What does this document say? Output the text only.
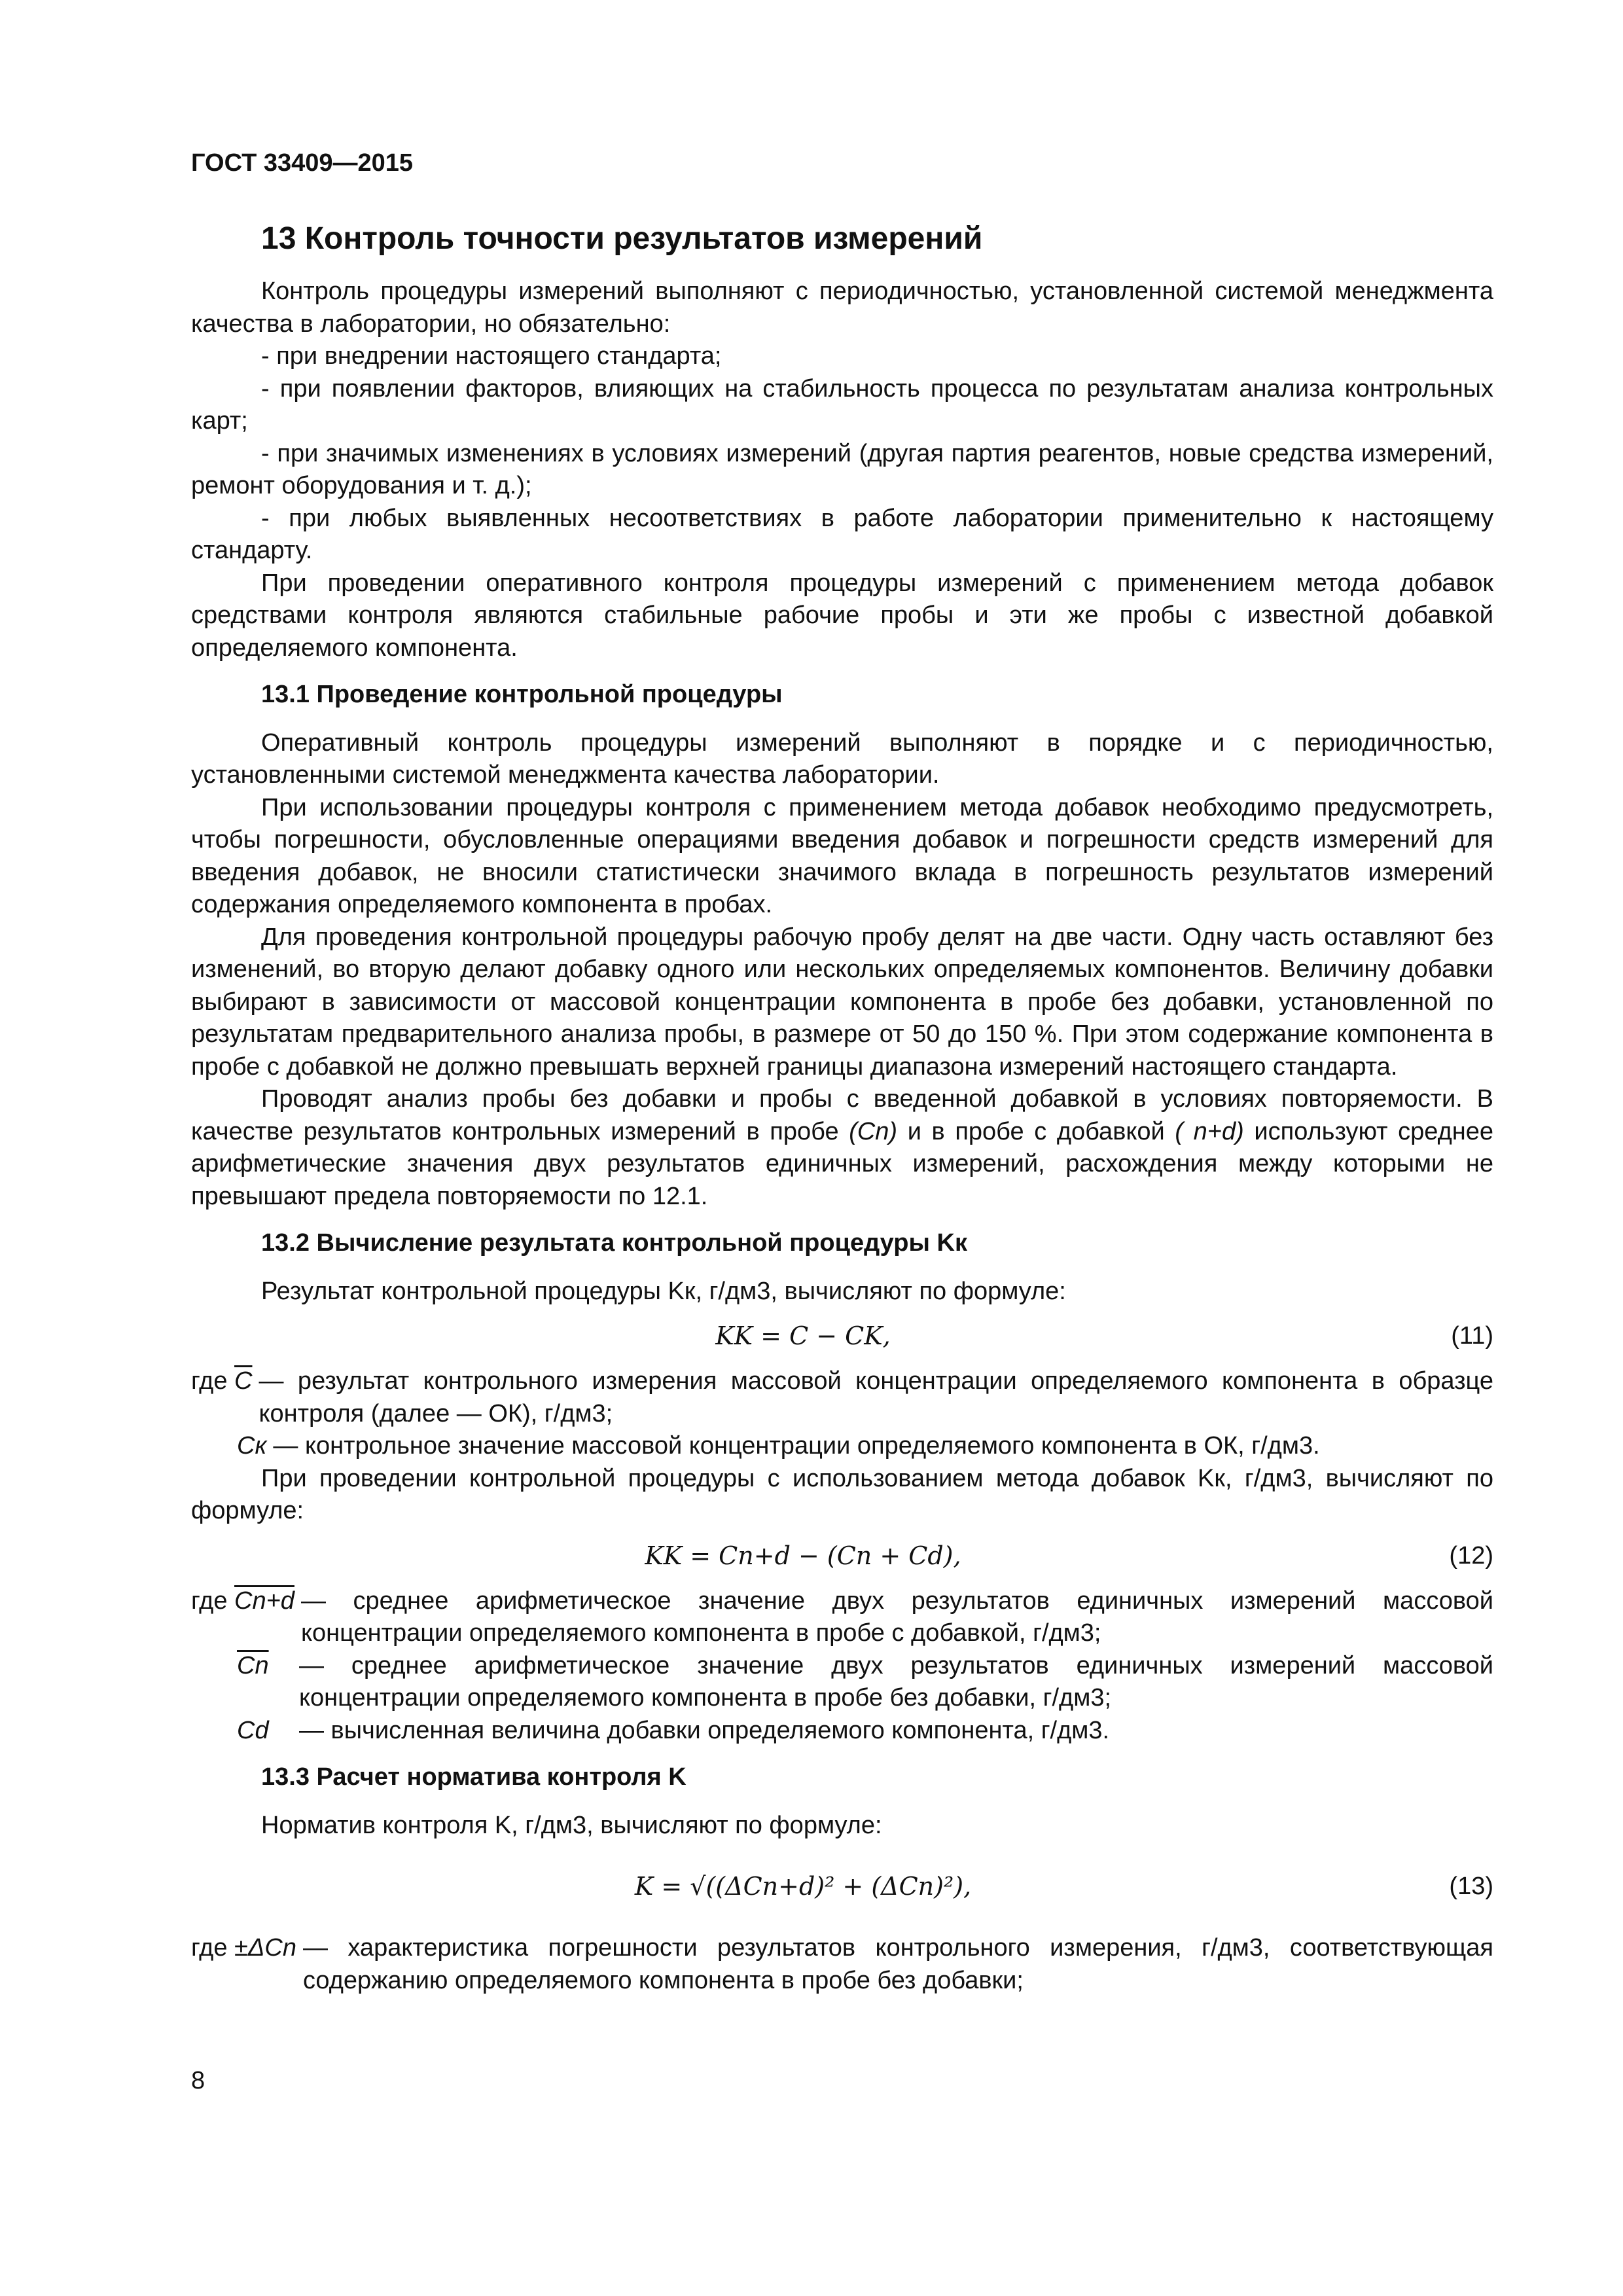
ГОСТ 33409—2015
13 Контроль точности результатов измерений

Контроль процедуры измерений выполняют с периодичностью, установленной системой менеджмента качества в лаборатории, но обязательно:

- при внедрении настоящего стандарта;

- при появлении факторов, влияющих на стабильность процесса по результатам анализа контрольных карт;

- при значимых изменениях в условиях измерений (другая партия реагентов, новые средства измерений, ремонт оборудования и т. д.);

- при любых выявленных несоответствиях в работе лаборатории применительно к настоящему стандарту.

При проведении оперативного контроля процедуры измерений с применением метода добавок средствами контроля являются стабильные рабочие пробы и эти же пробы с известной добавкой определяемого компонента.

13.1 Проведение контрольной процедуры

Оперативный контроль процедуры измерений выполняют в порядке и с периодичностью, установленными системой менеджмента качества лаборатории.

При использовании процедуры контроля с применением метода добавок необходимо предусмотреть, чтобы погрешности, обусловленные операциями введения добавок и погрешности средств измерений для введения добавок, не вносили статистически значимого вклада в погрешность результатов измерений содержания определяемого компонента в пробах.

Для проведения контрольной процедуры рабочую пробу делят на две части. Одну часть оставляют без изменений, во вторую делают добавку одного или нескольких определяемых компонентов. Величину добавки выбирают в зависимости от массовой концентрации компонента в пробе без добавки, установленной по результатам предварительного анализа пробы, в размере от 50 до 150 %. При этом содержание компонента в пробе с добавкой не должно превышать верхней границы диапазона измерений настоящего стандарта.

Проводят анализ пробы без добавки и пробы с введенной добавкой в условиях повторяемости. В качестве результатов контрольных измерений в пробе (Cn) и в пробе с добавкой ( n+d) используют среднее арифметические значения двух результатов единичных измерений, расхождения между которыми не превышают предела повторяемости по 12.1.

13.2 Вычисление результата контрольной процедуры Kк

Результат контрольной процедуры Kк, г/дм3, вычисляют по формуле:

KK = C − CK,	(11)
где $\overline{C}$ — результат контрольного измерения массовой концентрации определяемого компонента в образце контроля (далее — ОК), г/дм3;
Cк — контрольное значение массовой концентрации определяемого компонента в ОК, г/дм3.

При проведении контрольной процедуры с использованием метода добавок Kк, г/дм3, вычисляют по формуле:

KK = Cn+d − (Cn + Cd),	(12)
где Cn+d — среднее арифметическое значение двух результатов единичных измерений массовой концентрации определяемого компонента в пробе с добавкой, г/дм3;
$\overline{Cn}$	— среднее арифметическое значение двух результатов единичных измерений массовой концентрации определяемого компонента в пробе без добавки, г/дм3;
Cd	— вычисленная величина добавки определяемого компонента, г/дм3.
13.3 Расчет норматива контроля K

Норматив контроля K, г/дм3, вычисляют по формуле:

K = √((ΔCn+d)² + (ΔCn)²),	(13)
где ±ΔCn — характеристика погрешности результатов контрольного измерения, г/дм3, соответствующая содержанию определяемого компонента в пробе без добавки;
8
